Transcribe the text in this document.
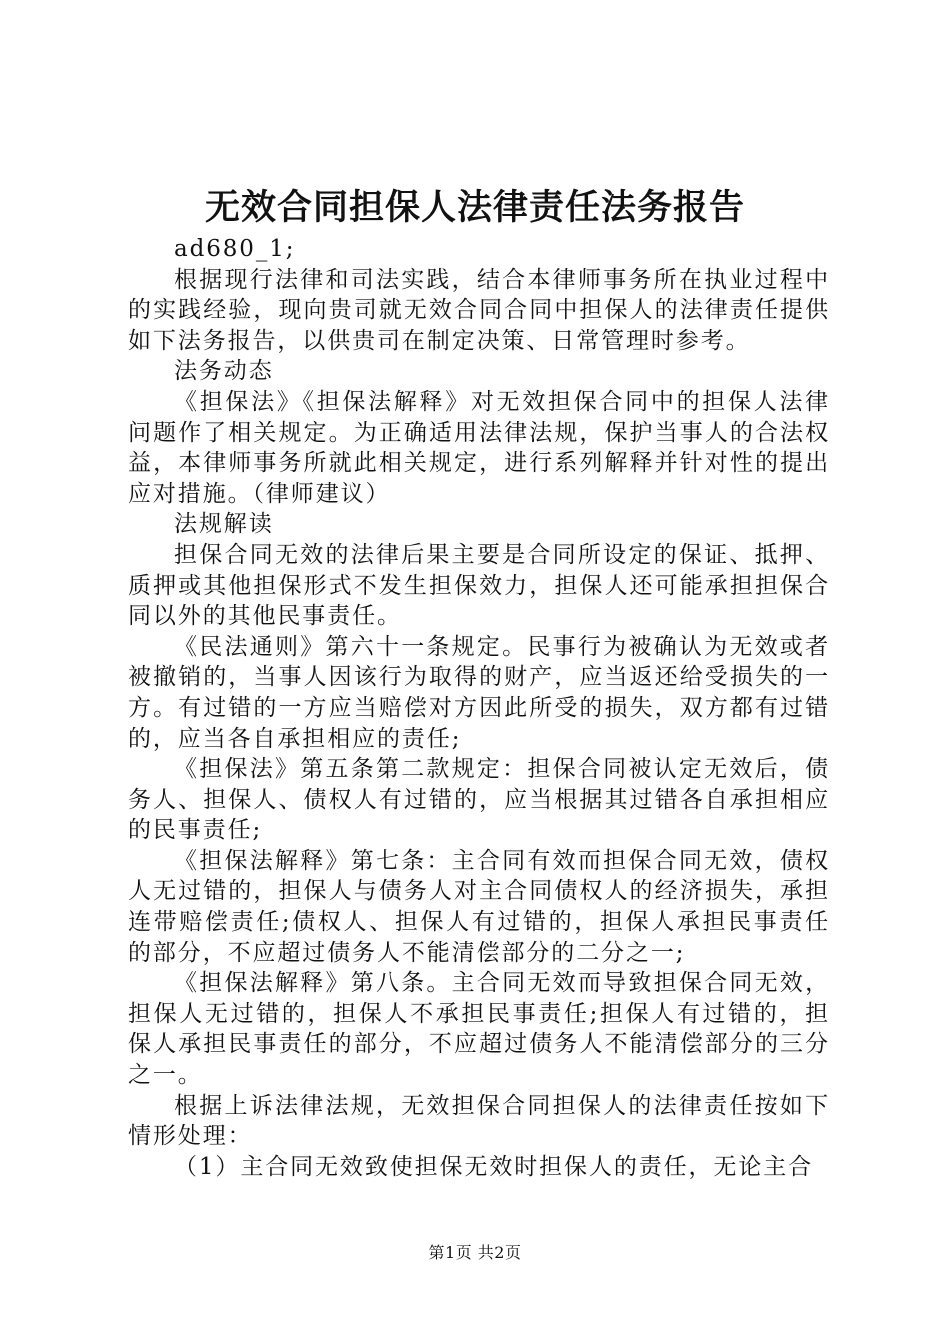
无效合同担保人法律责任法务报告

ad680_1;

根据现行法律和司法实践，结合本律师事务所在执业过程中的实践经验，现向贵司就无效合同合同中担保人的法律责任提供如下法务报告，以供贵司在制定决策、日常管理时参考。

法务动态

《担保法》《担保法解释》对无效担保合同中的担保人法律问题作了相关规定。为正确适用法律法规，保护当事人的合法权益，本律师事务所就此相关规定，进行系列解释并针对性的提出应对措施。（律师建议）

法规解读

担保合同无效的法律后果主要是合同所设定的保证、抵押、质押或其他担保形式不发生担保效力，担保人还可能承担担保合同以外的其他民事责任。

《民法通则》第六十一条规定。民事行为被确认为无效或者被撤销的，当事人因该行为取得的财产，应当返还给受损失的一方。有过错的一方应当赔偿对方因此所受的损失，双方都有过错的，应当各自承担相应的责任;

《担保法》第五条第二款规定：担保合同被认定无效后，债务人、担保人、债权人有过错的，应当根据其过错各自承担相应的民事责任;

《担保法解释》第七条：主合同有效而担保合同无效，债权人无过错的，担保人与债务人对主合同债权人的经济损失，承担连带赔偿责任;债权人、担保人有过错的，担保人承担民事责任的部分，不应超过债务人不能清偿部分的二分之一;

《担保法解释》第八条。主合同无效而导致担保合同无效，担保人无过错的，担保人不承担民事责任;担保人有过错的，担保人承担民事责任的部分，不应超过债务人不能清偿部分的三分之一。

根据上诉法律法规，无效担保合同担保人的法律责任按如下情形处理：

（1）主合同无效致使担保无效时担保人的责任，无论主合

第1页 共2页
